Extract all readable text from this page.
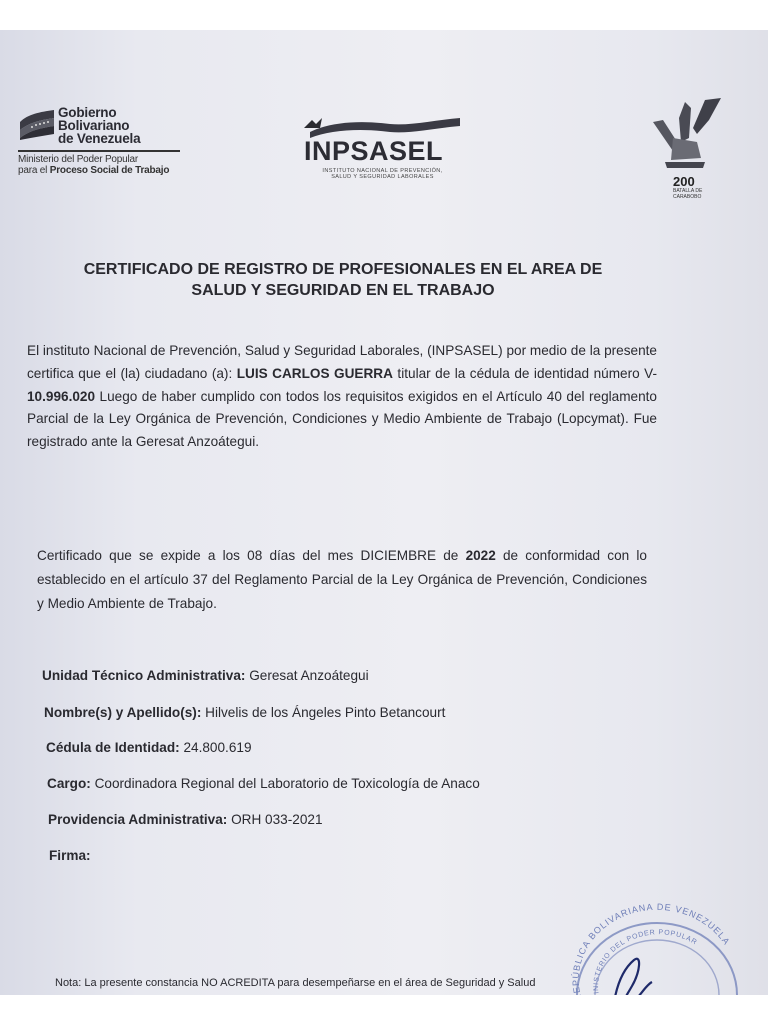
Gobierno
Bolivariano
de Venezuela
Ministerio del Poder Popular
para el Proceso Social de Trabajo
INPSASEL
INSTITUTO NACIONAL DE PREVENCIÓN,
SALUD Y SEGURIDAD LABORALES	200
BATALLA DE CARABOBO
CERTIFICADO DE REGISTRO DE PROFESIONALES EN EL AREA DE
SALUD Y SEGURIDAD EN EL TRABAJO
El instituto Nacional de Prevención, Salud y Seguridad Laborales, (INPSASEL) por medio de la presente certifica que el (la) ciudadano (a): LUIS CARLOS GUERRA titular de la cédula de identidad número V- 10.996.020 Luego de haber cumplido con todos los requisitos exigidos en el Artículo 40 del reglamento Parcial de la Ley Orgánica de Prevención, Condiciones y Medio Ambiente de Trabajo (Lopcymat). Fue registrado ante la Geresat Anzoátegui.
Certificado que se expide a los 08 días del mes DICIEMBRE de 2022 de conformidad con lo establecido en el artículo 37 del Reglamento Parcial de la Ley Orgánica de Prevención, Condiciones y Medio Ambiente de Trabajo.
Unidad Técnico Administrativa: Geresat Anzoátegui
Nombre(s) y Apellido(s): Hilvelis de los Ángeles Pinto Betancourt
Cédula de Identidad: 24.800.619
Cargo: Coordinadora Regional del Laboratorio de Toxicología de Anaco
Providencia Administrativa: ORH 033-2021
Firma:
REPÚBLICA BOLIVARIANA DE VENEZUELA
MINISTERIO DEL PODER POPULAR
Nota: La presente constancia NO ACREDITA para desempeñarse en el área de Seguridad y Salud
